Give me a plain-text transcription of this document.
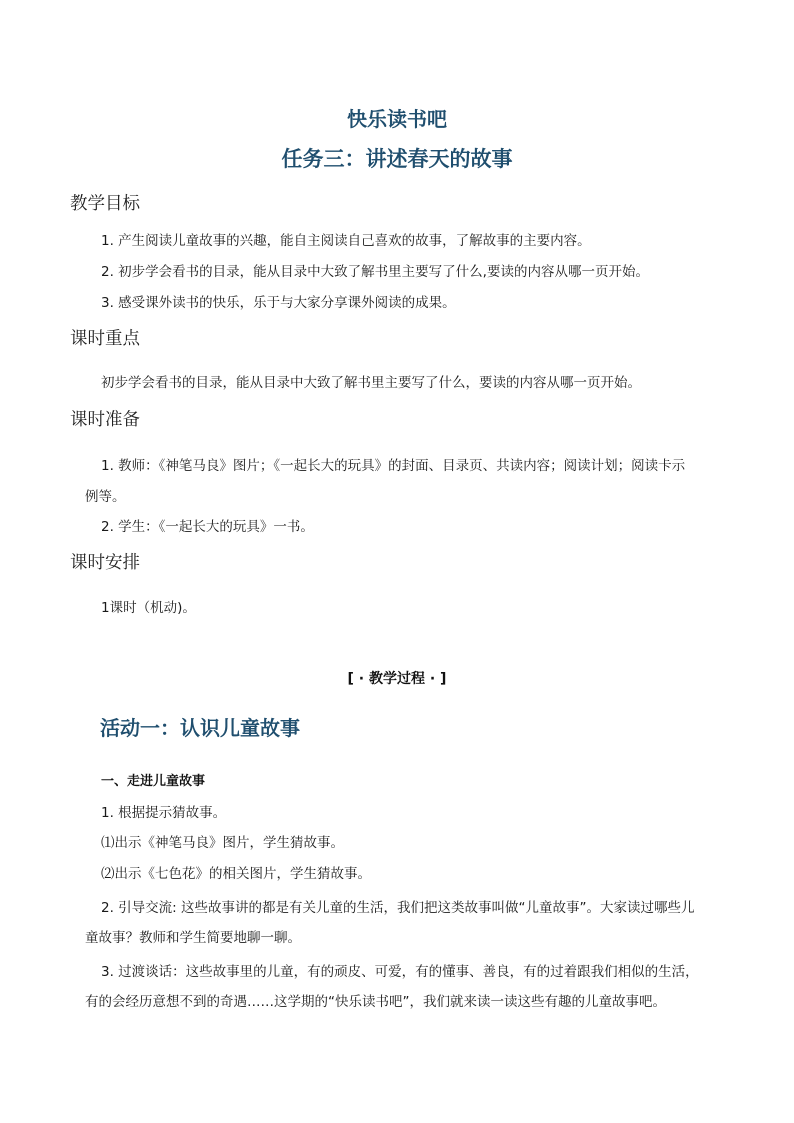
快乐读书吧
任务三：讲述春天的故事
教学目标
1. 产生阅读儿童故事的兴趣，能自主阅读自己喜欢的故事，了解故事的主要内容。
2. 初步学会看书的目录，能从目录中大致了解书里主要写了什么,要读的内容从哪一页开始。
3. 感受课外读书的快乐，乐于与大家分享课外阅读的成果。
课时重点
初步学会看书的目录，能从目录中大致了解书里主要写了什么，要读的内容从哪一页开始。
课时准备
1. 教师：《神笔马良》图片；《一起长大的玩具》的封面、目录页、共读内容；阅读计划；阅读卡示
例等。
2. 学生：《一起长大的玩具》一书。
课时安排
1课时（机动)。
[ · 教学过程 · ]
活动一：认识儿童故事
一、走进儿童故事
1. 根据提示猜故事。
⑴出示《神笔马良》图片，学生猜故事。
⑵出示《七色花》的相关图片，学生猜故事。
2. 引导交流: 这些故事讲的都是有关儿童的生活，我们把这类故事叫做“儿童故事”。大家读过哪些儿
童故事？教师和学生简要地聊一聊。
3. 过渡谈话：这些故事里的儿童，有的顽皮、可爱，有的懂事、善良，有的过着跟我们相似的生活，
有的会经历意想不到的奇遇……这学期的“快乐读书吧”，我们就来读一读这些有趣的儿童故事吧。
